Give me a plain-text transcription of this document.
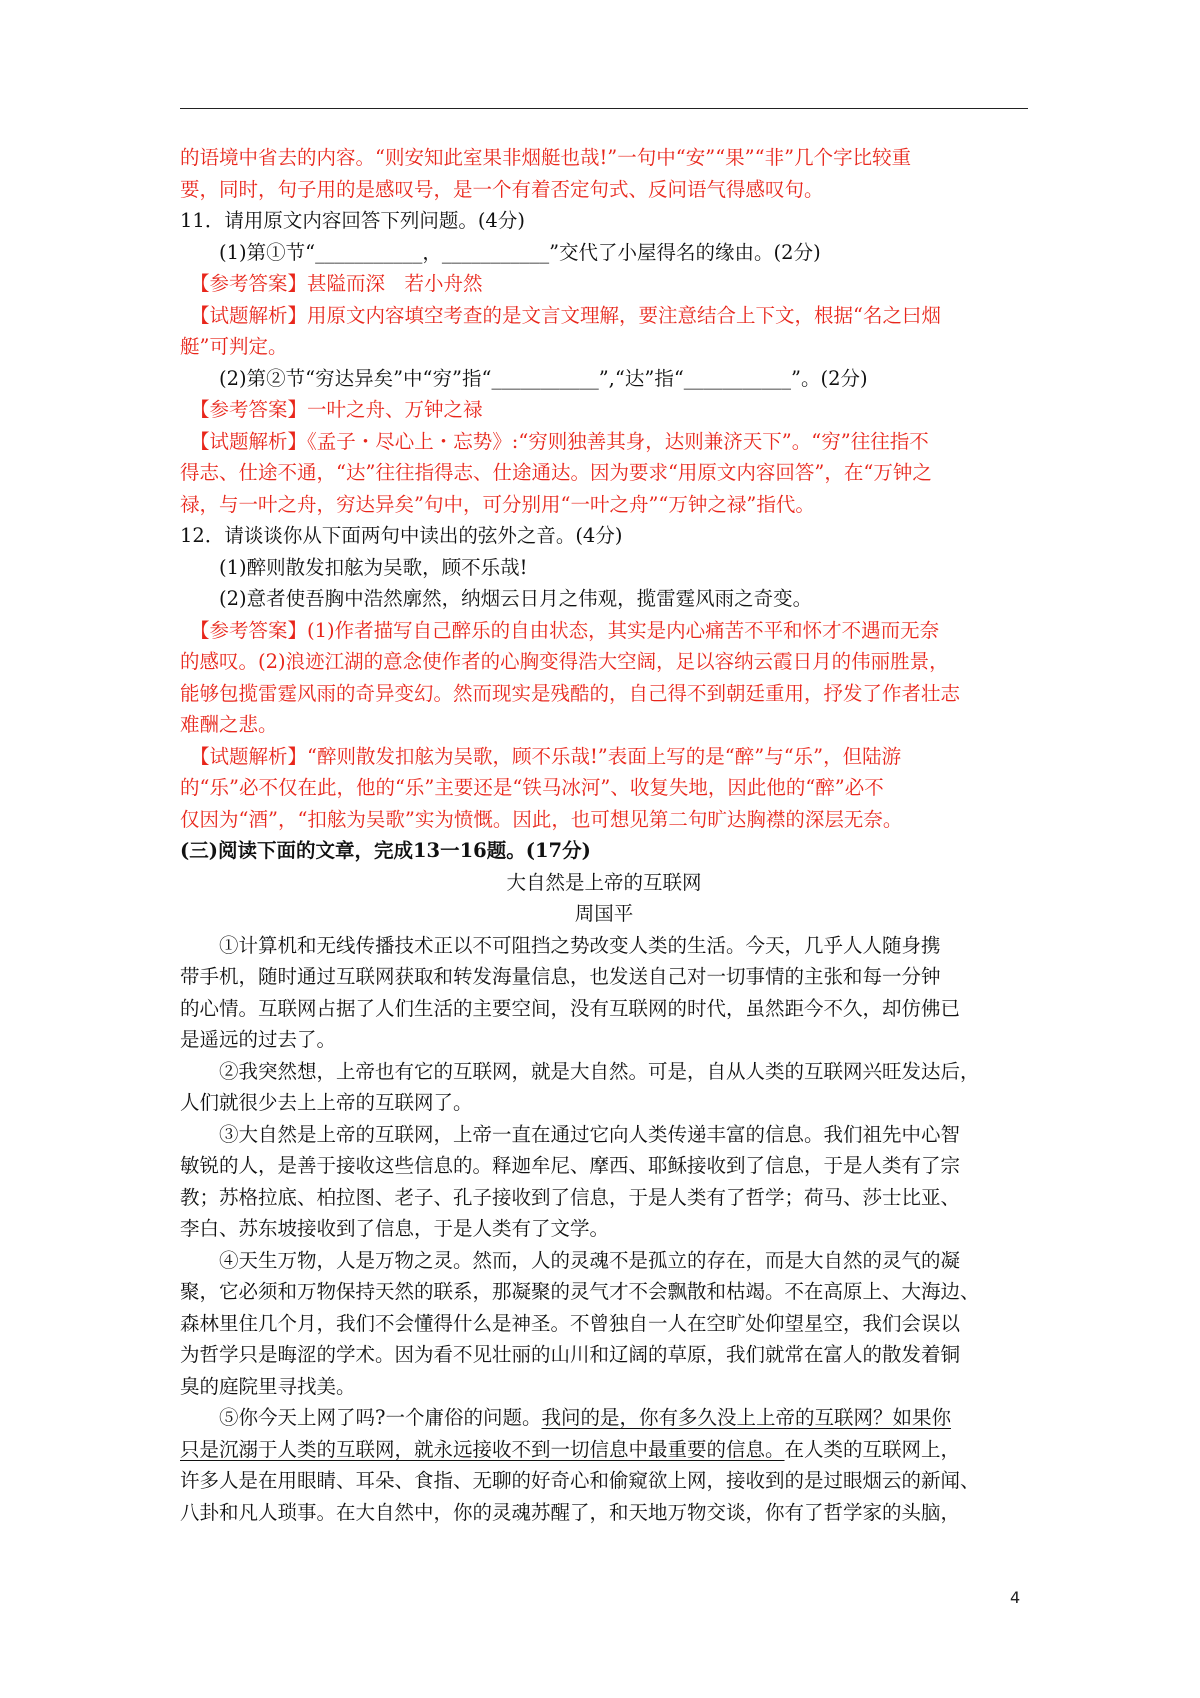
的语境中省去的内容。“则安知此室果非烟艇也哉!”一句中“安”“果”“非”几个字比较重
要，同时，句子用的是感叹号，是一个有着否定句式、反问语气得感叹句。
11．请用原文内容回答下列问题。(4分)
(1)第①节“___________，___________”交代了小屋得名的缘由。(2分)
【参考答案】甚隘而深　若小舟然
【试题解析】用原文内容填空考查的是文言文理解，要注意结合上下文，根据“名之曰烟
艇”可判定。
(2)第②节“穷达异矣”中“穷”指“___________”,“达”指“___________”。(2分)
【参考答案】一叶之舟、万钟之禄
【试题解析】《孟子・尽心上・忘势》:“穷则独善其身，达则兼济天下”。“穷”往往指不
得志、仕途不通，“达”往往指得志、仕途通达。因为要求“用原文内容回答”，在“万钟之
禄，与一叶之舟，穷达异矣”句中，可分别用“一叶之舟”“万钟之禄”指代。
12．请谈谈你从下面两句中读出的弦外之音。(4分)
(1)醉则散发扣舷为吴歌，顾不乐哉!
(2)意者使吾胸中浩然廓然，纳烟云日月之伟观，揽雷霆风雨之奇变。
【参考答案】(1)作者描写自己醉乐的自由状态，其实是内心痛苦不平和怀才不遇而无奈
的感叹。(2)浪迹江湖的意念使作者的心胸变得浩大空阔，足以容纳云霞日月的伟丽胜景，
能够包揽雷霆风雨的奇异变幻。然而现实是残酷的，自己得不到朝廷重用，抒发了作者壮志
难酬之悲。
【试题解析】“醉则散发扣舷为吴歌，顾不乐哉!”表面上写的是“醉”与“乐”，但陆游
的“乐”必不仅在此，他的“乐”主要还是“铁马冰河”、收复失地，因此他的“醉”必不
仅因为“酒”，“扣舷为吴歌”实为愤慨。因此，也可想见第二句旷达胸襟的深层无奈。
(三)阅读下面的文章，完成13一16题。(17分)
大自然是上帝的互联网
周国平
①计算机和无线传播技术正以不可阻挡之势改变人类的生活。今天，几乎人人随身携
带手机，随时通过互联网获取和转发海量信息，也发送自己对一切事情的主张和每一分钟
的心情。互联网占据了人们生活的主要空间，没有互联网的时代，虽然距今不久，却仿佛已
是遥远的过去了。
②我突然想，上帝也有它的互联网，就是大自然。可是，自从人类的互联网兴旺发达后，
人们就很少去上上帝的互联网了。
③大自然是上帝的互联网，上帝一直在通过它向人类传递丰富的信息。我们祖先中心智
敏锐的人，是善于接收这些信息的。释迦牟尼、摩西、耶稣接收到了信息，于是人类有了宗
教；苏格拉底、柏拉图、老子、孔子接收到了信息，于是人类有了哲学；荷马、莎士比亚、
李白、苏东坡接收到了信息，于是人类有了文学。
④天生万物，人是万物之灵。然而，人的灵魂不是孤立的存在，而是大自然的灵气的凝
聚，它必须和万物保持天然的联系，那凝聚的灵气才不会飘散和枯竭。不在高原上、大海边、
森林里住几个月，我们不会懂得什么是神圣。不曾独自一人在空旷处仰望星空，我们会误以
为哲学只是晦涩的学术。因为看不见壮丽的山川和辽阔的草原，我们就常在富人的散发着铜
臭的庭院里寻找美。
⑤你今天上网了吗?一个庸俗的问题。我问的是，你有多久没上上帝的互联网？如果你
只是沉溺于人类的互联网，就永远接收不到一切信息中最重要的信息。在人类的互联网上，
许多人是在用眼睛、耳朵、食指、无聊的好奇心和偷窥欲上网，接收到的是过眼烟云的新闻、
八卦和凡人琐事。在大自然中，你的灵魂苏醒了，和天地万物交谈，你有了哲学家的头脑，
4
